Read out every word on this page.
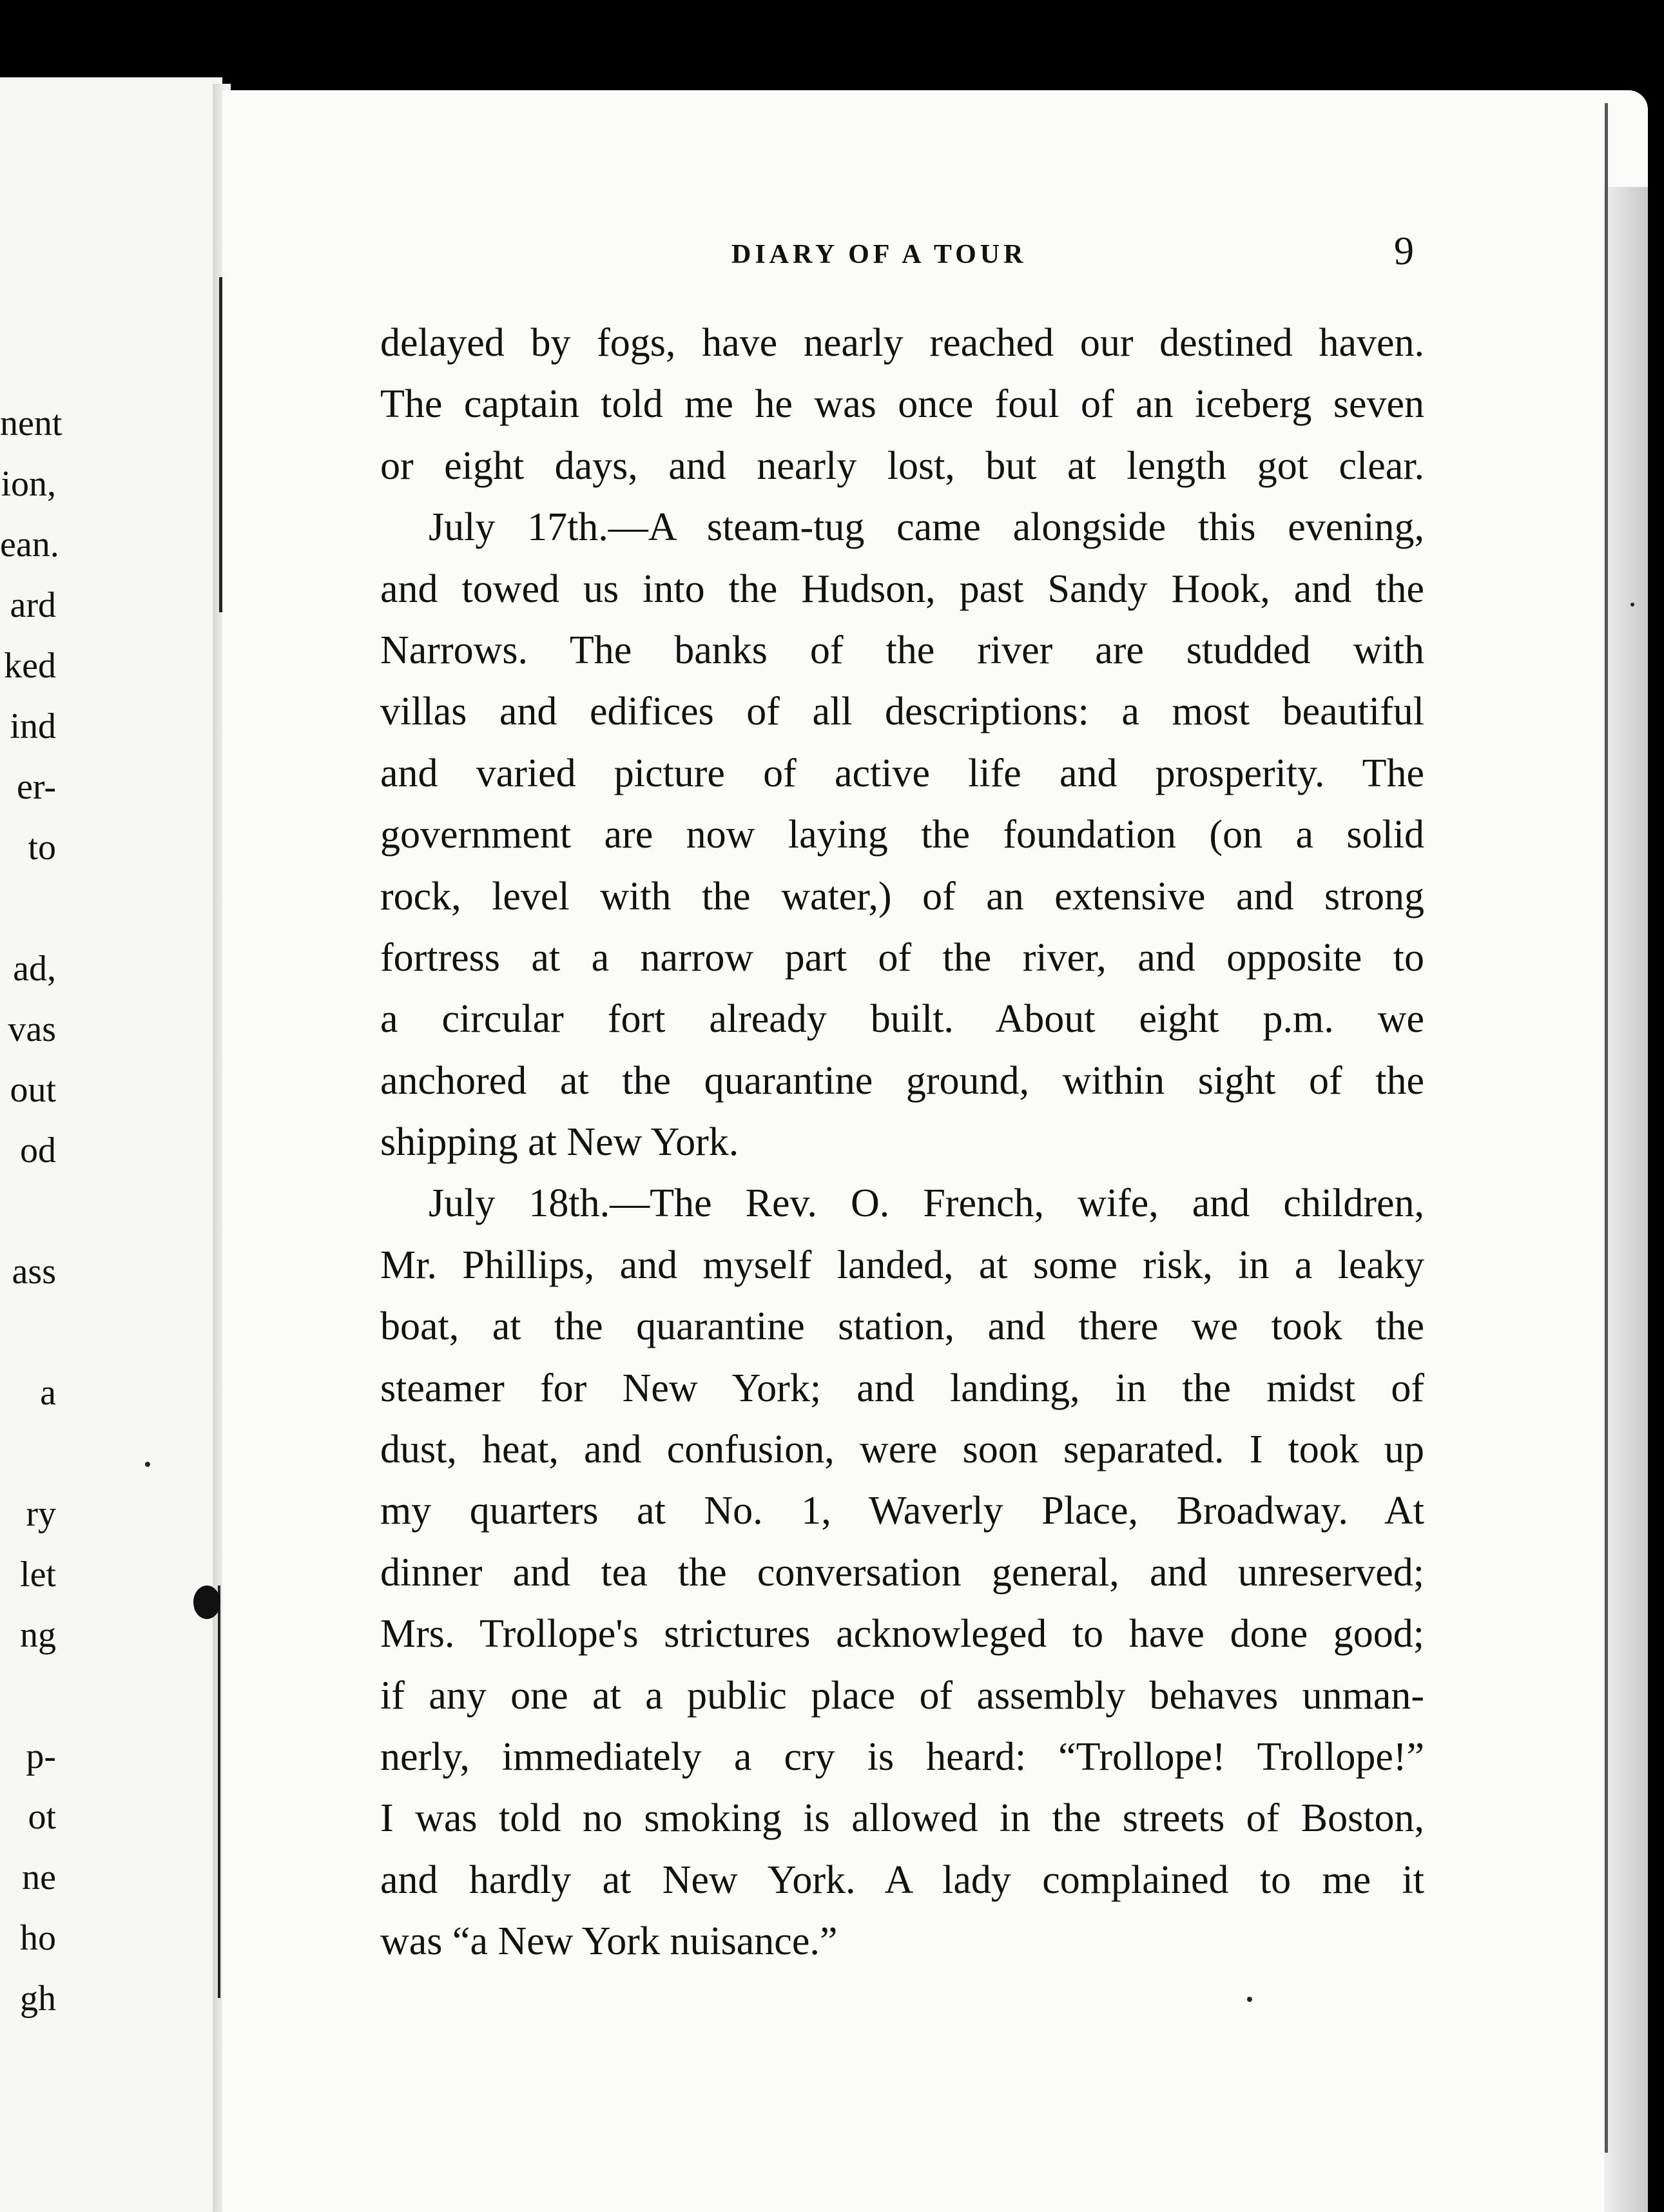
nent
ion,
ean.
ard
ked
ind
er-
to
ad,
vas
out
od
ass
a
ry
let
ng
p-
ot
ne
ho
gh
DIARY OF A TOUR	9
delayed by fogs, have nearly reached our destined haven.
The captain told me he was once foul of an iceberg seven
or eight days, and nearly lost, but at length got clear.
July 17th.—A steam-tug came alongside this evening,
and towed us into the Hudson, past Sandy Hook, and the
Narrows. The banks of the river are studded with
villas and edifices of all descriptions: a most beautiful
and varied picture of active life and prosperity. The
government are now laying the foundation (on a solid
rock, level with the water,) of an extensive and strong
fortress at a narrow part of the river, and opposite to
a circular fort already built. About eight p.m. we
anchored at the quarantine ground, within sight of the
shipping at New York.
July 18th.—The Rev. O. French, wife, and children,
Mr. Phillips, and myself landed, at some risk, in a leaky
boat, at the quarantine station, and there we took the
steamer for New York; and landing, in the midst of
dust, heat, and confusion, were soon separated. I took up
my quarters at No. 1, Waverly Place, Broadway. At
dinner and tea the conversation general, and unreserved;
Mrs. Trollope's strictures acknowleged to have done good;
if any one at a public place of assembly behaves unman-
nerly, immediately a cry is heard: “Trollope! Trollope!”
I was told no smoking is allowed in the streets of Boston,
and hardly at New York. A lady complained to me it
was “a New York nuisance.”
